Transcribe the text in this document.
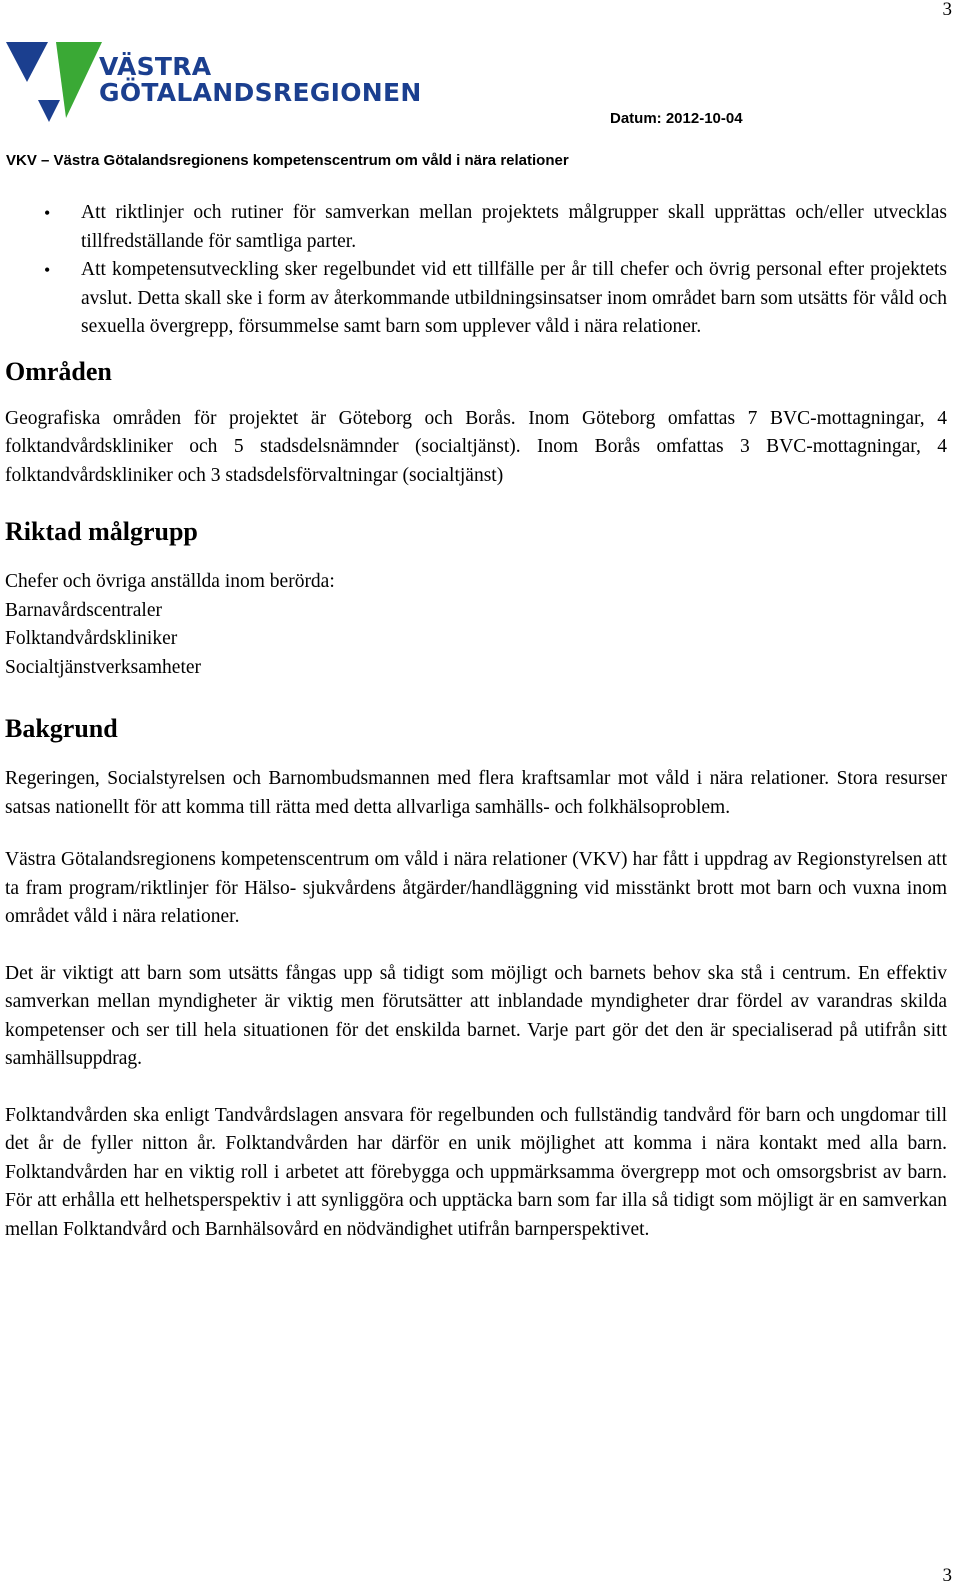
3
VÄSTRA
GÖTALANDSREGIONEN
Datum: 2012-10-04
VKV – Västra Götalandsregionens kompetenscentrum om våld i nära relationer
• Att riktlinjer och rutiner för samverkan mellan projektets målgrupper skall upprättas och/eller utvecklas tillfredställande för samtliga parter.
• Att kompetensutveckling sker regelbundet vid ett tillfälle per år till chefer och övrig personal efter projektets avslut. Detta skall ske i form av återkommande utbildningsinsatser inom området barn som utsätts för våld och sexuella övergrepp, försummelse samt barn som upplever våld i nära relationer.
Områden

Geografiska områden för projektet är Göteborg och Borås. Inom Göteborg omfattas 7 BVC-mottagningar, 4 folktandvårdskliniker och 5 stadsdelsnämnder (socialtjänst). Inom Borås omfattas 3 BVC-mottagningar, 4 folktandvårdskliniker och 3 stadsdelsförvaltningar (socialtjänst)

Riktad målgrupp

Chefer och övriga anställda inom berörda:

Barnavårdscentraler
Folktandvårdskliniker
Socialtjänstverksamheter
Bakgrund

Regeringen, Socialstyrelsen och Barnombudsmannen med flera kraftsamlar mot våld i nära relationer. Stora resurser satsas nationellt för att komma till rätta med detta allvarliga samhälls- och folkhälsoproblem.

Västra Götalandsregionens kompetenscentrum om våld i nära relationer (VKV) har fått i uppdrag av Regionstyrelsen att ta fram program/riktlinjer för Hälso- sjukvårdens åtgärder/handläggning vid misstänkt brott mot barn och vuxna inom området våld i nära relationer.

Det är viktigt att barn som utsätts fångas upp så tidigt som möjligt och barnets behov ska stå i centrum. En effektiv samverkan mellan myndigheter är viktig men förutsätter att inblandade myndigheter drar fördel av varandras skilda kompetenser och ser till hela situationen för det enskilda barnet. Varje part gör det den är specialiserad på utifrån sitt samhällsuppdrag.

Folktandvården ska enligt Tandvårdslagen ansvara för regelbunden och fullständig tandvård för barn och ungdomar till det år de fyller nitton år. Folktandvården har därför en unik möjlighet att komma i nära kontakt med alla barn. Folktandvården har en viktig roll i arbetet att förebygga och uppmärksamma övergrepp mot och omsorgsbrist av barn. För att erhålla ett helhetsperspektiv i att synliggöra och upptäcka barn som far illa så tidigt som möjligt är en samverkan mellan Folktandvård och Barnhälsovård en nödvändighet utifrån barnperspektivet.

3
